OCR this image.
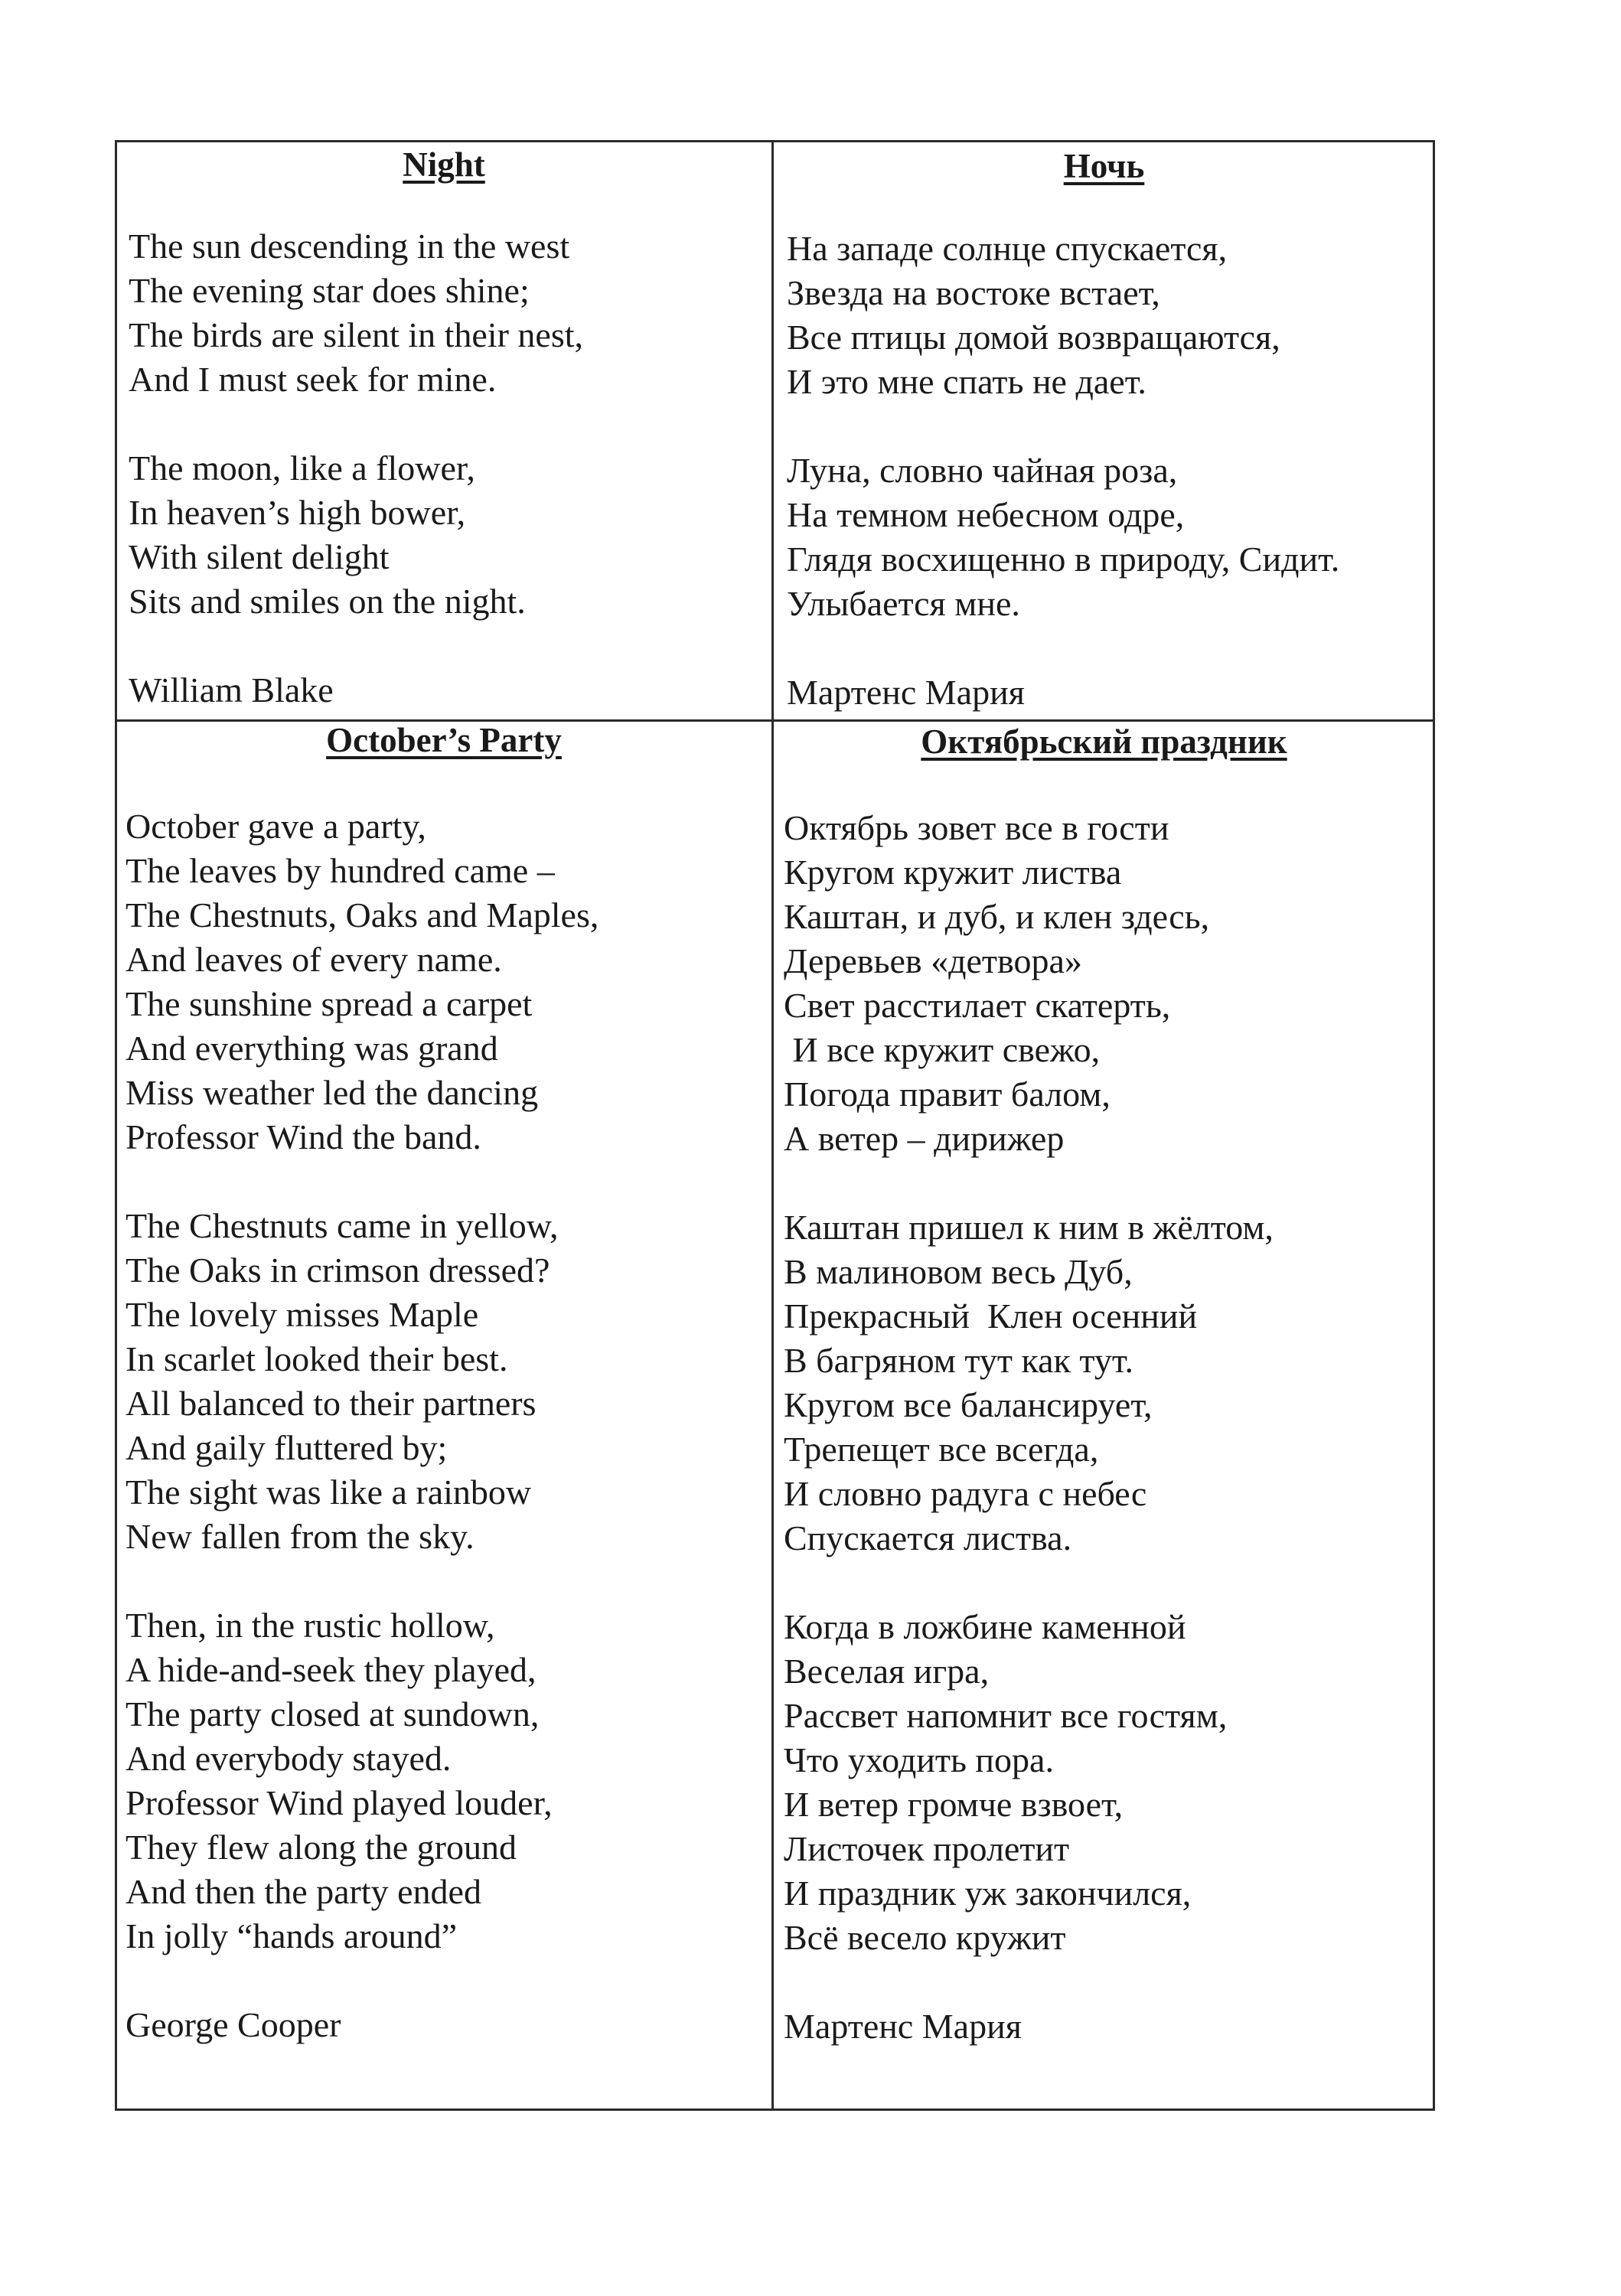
Night
The sun descending in the west
The evening star does shine;
The birds are silent in their nest,
And I must seek for mine.
The moon, like a flower,
In heaven’s high bower,
With silent delight
Sits and smiles on the night.
William Blake
Ночь
На западе солнце спускается,
Звезда на востоке встает,
Все птицы домой возвращаются,
И это мне спать не дает.
Луна, словно чайная роза,
На темном небесном одре,
Глядя восхищенно в природу, Сидит.
Улыбается мне.
Мартенс Мария
October’s Party
October gave a party,
The leaves by hundred came –
The Chestnuts, Oaks and Maples,
And leaves of every name.
The sunshine spread a carpet
And everything was grand
Miss weather led the dancing
Professor Wind the band.
The Chestnuts came in yellow,
The Oaks in crimson dressed?
The lovely misses Maple
In scarlet looked their best.
All balanced to their partners
And gaily fluttered by;
The sight was like a rainbow
New fallen from the sky.
Then, in the rustic hollow,
A hide-and-seek they played,
The party closed at sundown,
And everybody stayed.
Professor Wind played louder,
They flew along the ground
And then the party ended
In jolly “hands around”
George Cooper
Октябрьский праздник
Октябрь зовет все в гости
Кругом кружит листва
Каштан, и дуб, и клен здесь,
Деревьев «детвора»
Свет расстилает скатерть,
И все кружит свежо,
Погода правит балом,
А ветер – дирижер
Каштан пришел к ним в жёлтом,
В малиновом весь Дуб,
Прекрасный  Клен осенний
В багряном тут как тут.
Кругом все балансирует,
Трепещет все всегда,
И словно радуга с небес
Спускается листва.
Когда в ложбине каменной
Веселая игра,
Рассвет напомнит все гостям,
Что уходить пора.
И ветер громче взвоет,
Листочек пролетит
И праздник уж закончился,
Всё весело кружит
Мартенс Мария
